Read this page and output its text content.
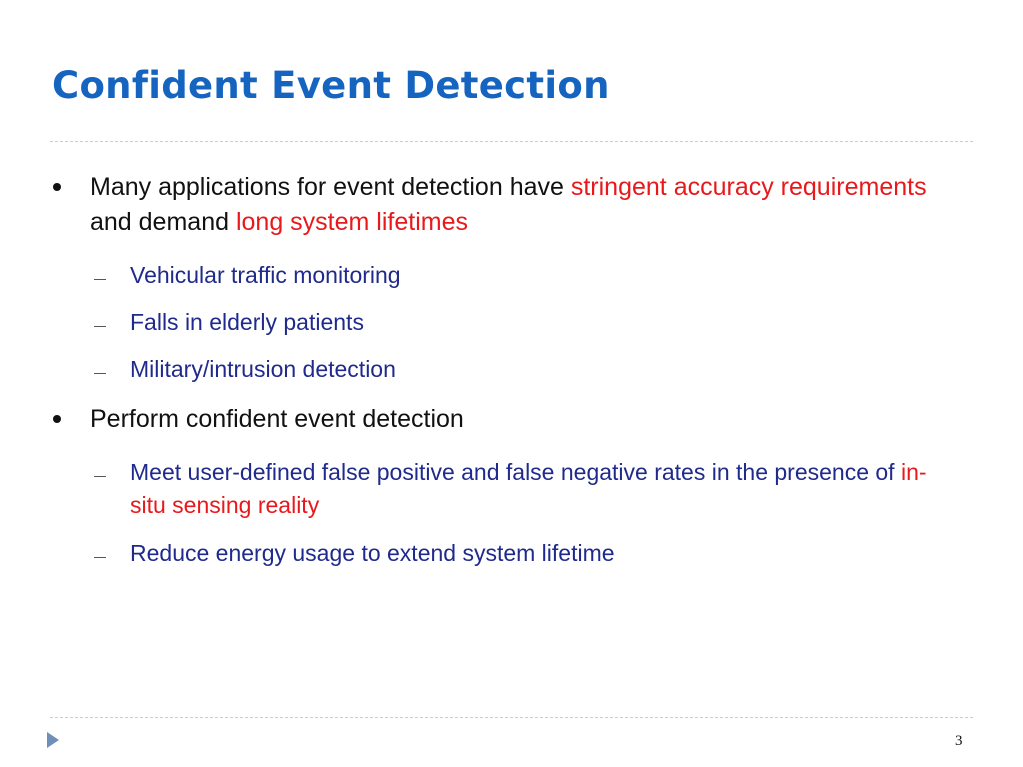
Confident Event Detection
Many applications for event detection have stringent accuracy requirements and demand long system lifetimes
Vehicular traffic monitoring
Falls in elderly patients
Military/intrusion detection
Perform confident event detection
Meet user-defined false positive and false negative rates in the presence of in-situ sensing reality
Reduce energy usage to extend system lifetime
3
